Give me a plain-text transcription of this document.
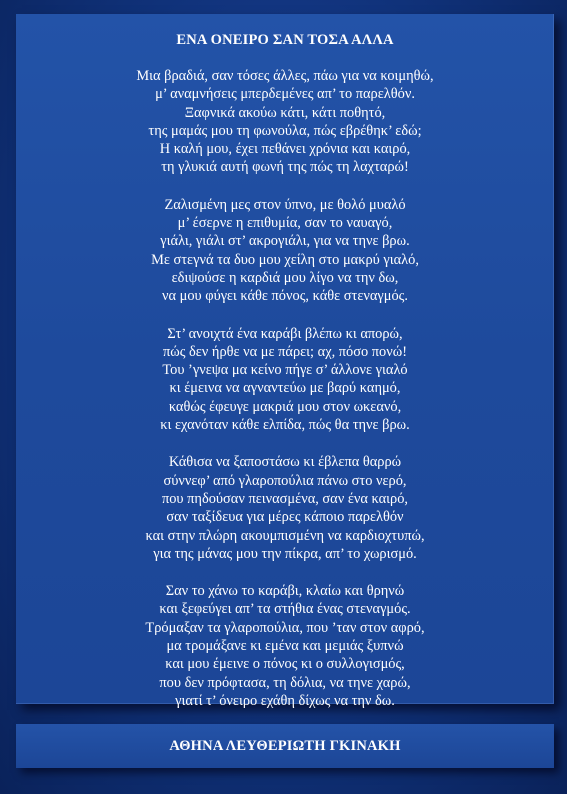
ΕΝΑ ΟΝΕΙΡΟ ΣΑΝ ΤΟΣΑ ΑΛΛΑ
Μια βραδιά, σαν τόσες άλλες, πάω για να κοιμηθώ,
μ’ αναμνήσεις μπερδεμένες απ’ το παρελθόν.
Ξαφνικά ακούω κάτι, κάτι ποθητό,
της μαμάς μου τη φωνούλα, πώς εβρέθηκ’ εδώ;
Η καλή μου, έχει πεθάνει χρόνια και καιρό,
τη γλυκιά αυτή φωνή της πώς τη λαχταρώ!
Ζαλισμένη μες στον ύπνο, με θολό μυαλό
μ’ έσερνε η επιθυμία, σαν το ναυαγό,
γιάλι, γιάλι στ’ ακρογιάλι, για να τηνε βρω.
Με στεγνά τα δυο μου χείλη στο μακρύ γιαλό,
εδιψούσε η καρδιά μου λίγο να την δω,
να μου φύγει κάθε πόνος, κάθε στεναγμός.
Στ’ ανοιχτά ένα καράβι βλέπω κι απορώ,
πώς δεν ήρθε να με πάρει; αχ, πόσο πονώ!
Του ’γνεψα μα κείνο πήγε σ’ άλλονε γιαλό
κι έμεινα να αγναντεύω με βαρύ καημό,
καθώς έφευγε μακριά μου στον ωκεανό,
κι εχανόταν κάθε ελπίδα, πώς θα τηνε βρω.
Κάθισα να ξαποστάσω κι έβλεπα θαρρώ
σύννεφ’ από γλαροπούλια πάνω στο νερό,
που πηδούσαν πεινασμένα, σαν ένα καιρό,
σαν ταξίδευα για μέρες κάποιο παρελθόν
και στην πλώρη ακουμπισμένη να καρδιοχτυπώ,
για της μάνας μου την πίκρα, απ’ το χωρισμό.
Σαν το χάνω το καράβι, κλαίω και θρηνώ
και ξεφεύγει απ’ τα στήθια ένας στεναγμός.
Τρόμαξαν τα γλαροπούλια, που ’ταν στον αφρό,
μα τρομάξανε κι εμένα και μεμιάς ξυπνώ
και μου έμεινε ο πόνος κι ο συλλογισμός,
που δεν πρόφτασα, τη δόλια, να τηνε χαρώ,
γιατί τ’ όνειρο εχάθη δίχως να την δω.
ΑΘΗΝΑ ΛΕΥΘΕΡΙΩΤΗ ΓΚΙΝΑΚΗ
